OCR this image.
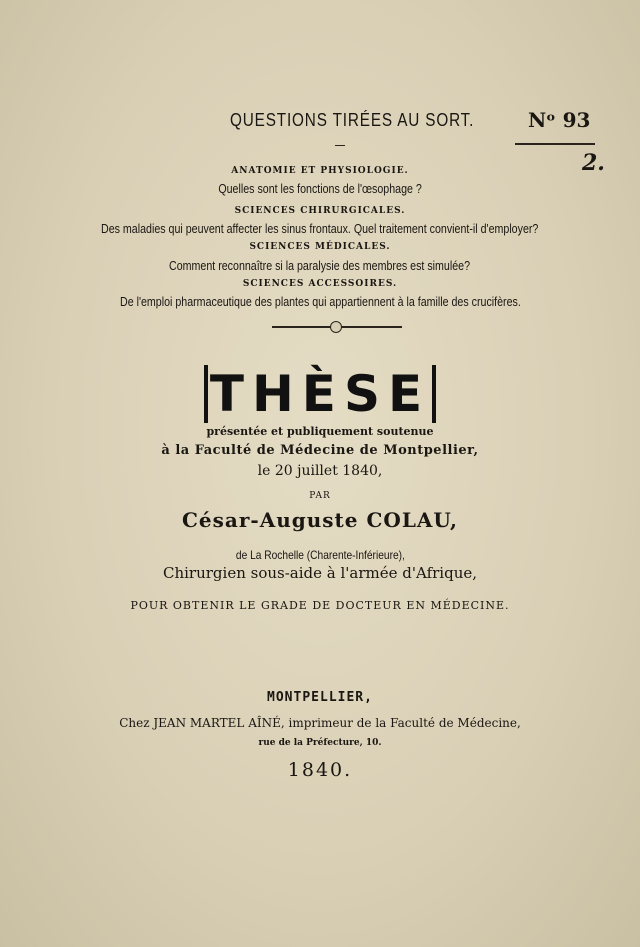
QUESTIONS TIRÉES AU SORT.	Nᵒ 93
2.
ANATOMIE ET PHYSIOLOGIE.
Quelles sont les fonctions de l'œsophage ?
SCIENCES CHIRURGICALES.
Des maladies qui peuvent affecter les sinus frontaux. Quel traitement convient-il d'employer?
SCIENCES MÉDICALES.
Comment reconnaître si la paralysie des membres est simulée?
SCIENCES ACCESSOIRES.
De l'emploi pharmaceutique des plantes qui appartiennent à la famille des crucifères.
THÈSE
présentée et publiquement soutenue
à la Faculté de Médecine de Montpellier,
le 20 juillet 1840,
PAR
César-Auguste COLAU,
de La Rochelle (Charente-Inférieure),
Chirurgien sous-aide à l'armée d'Afrique,
POUR OBTENIR LE GRADE DE DOCTEUR EN MÉDECINE.
MONTPELLIER,
Chez JEAN MARTEL AÎNÉ, imprimeur de la Faculté de Médecine,
rue de la Préfecture, 10.
1840.
